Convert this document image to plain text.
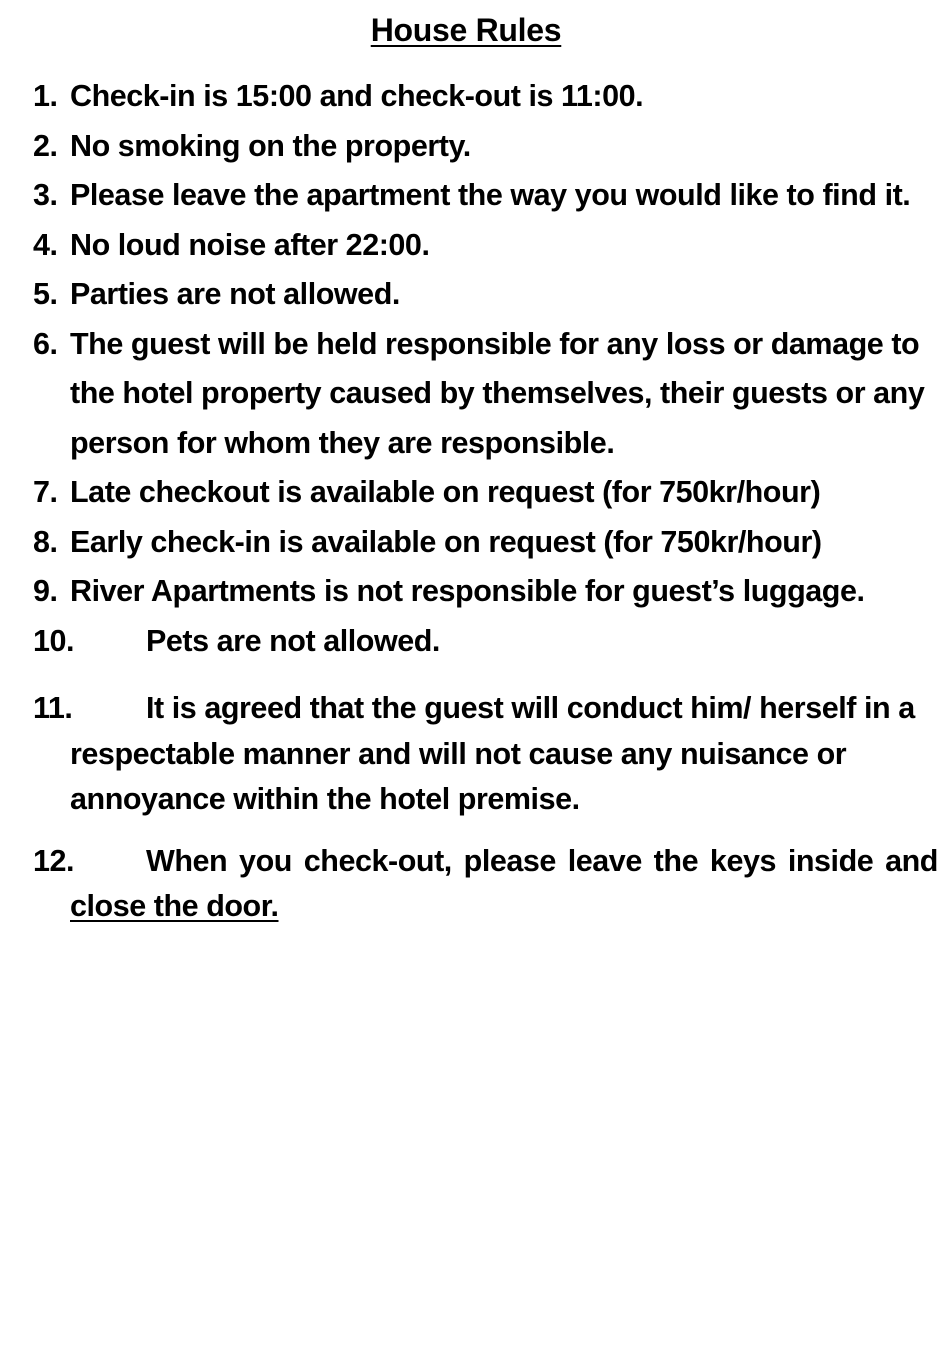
House Rules
1. Check-in is 15:00 and check-out is 11:00.
2. No smoking on the property.
3. Please leave the apartment the way you would like to find it.
4. No loud noise after 22:00.
5. Parties are not allowed.
6. The guest will be held responsible for any loss or damage to the hotel property caused by themselves, their guests or any person for whom they are responsible.
7. Late checkout is available on request (for 750kr/hour)
8. Early check-in is available on request (for 750kr/hour)
9. River Apartments is not responsible for guest’s luggage.
10.	Pets are not allowed.
11.	It is agreed that the guest will conduct him/ herself in a respectable manner and will not cause any nuisance or annoyance within the hotel premise.
12.	When you check-out, please leave the keys inside and close the door.
